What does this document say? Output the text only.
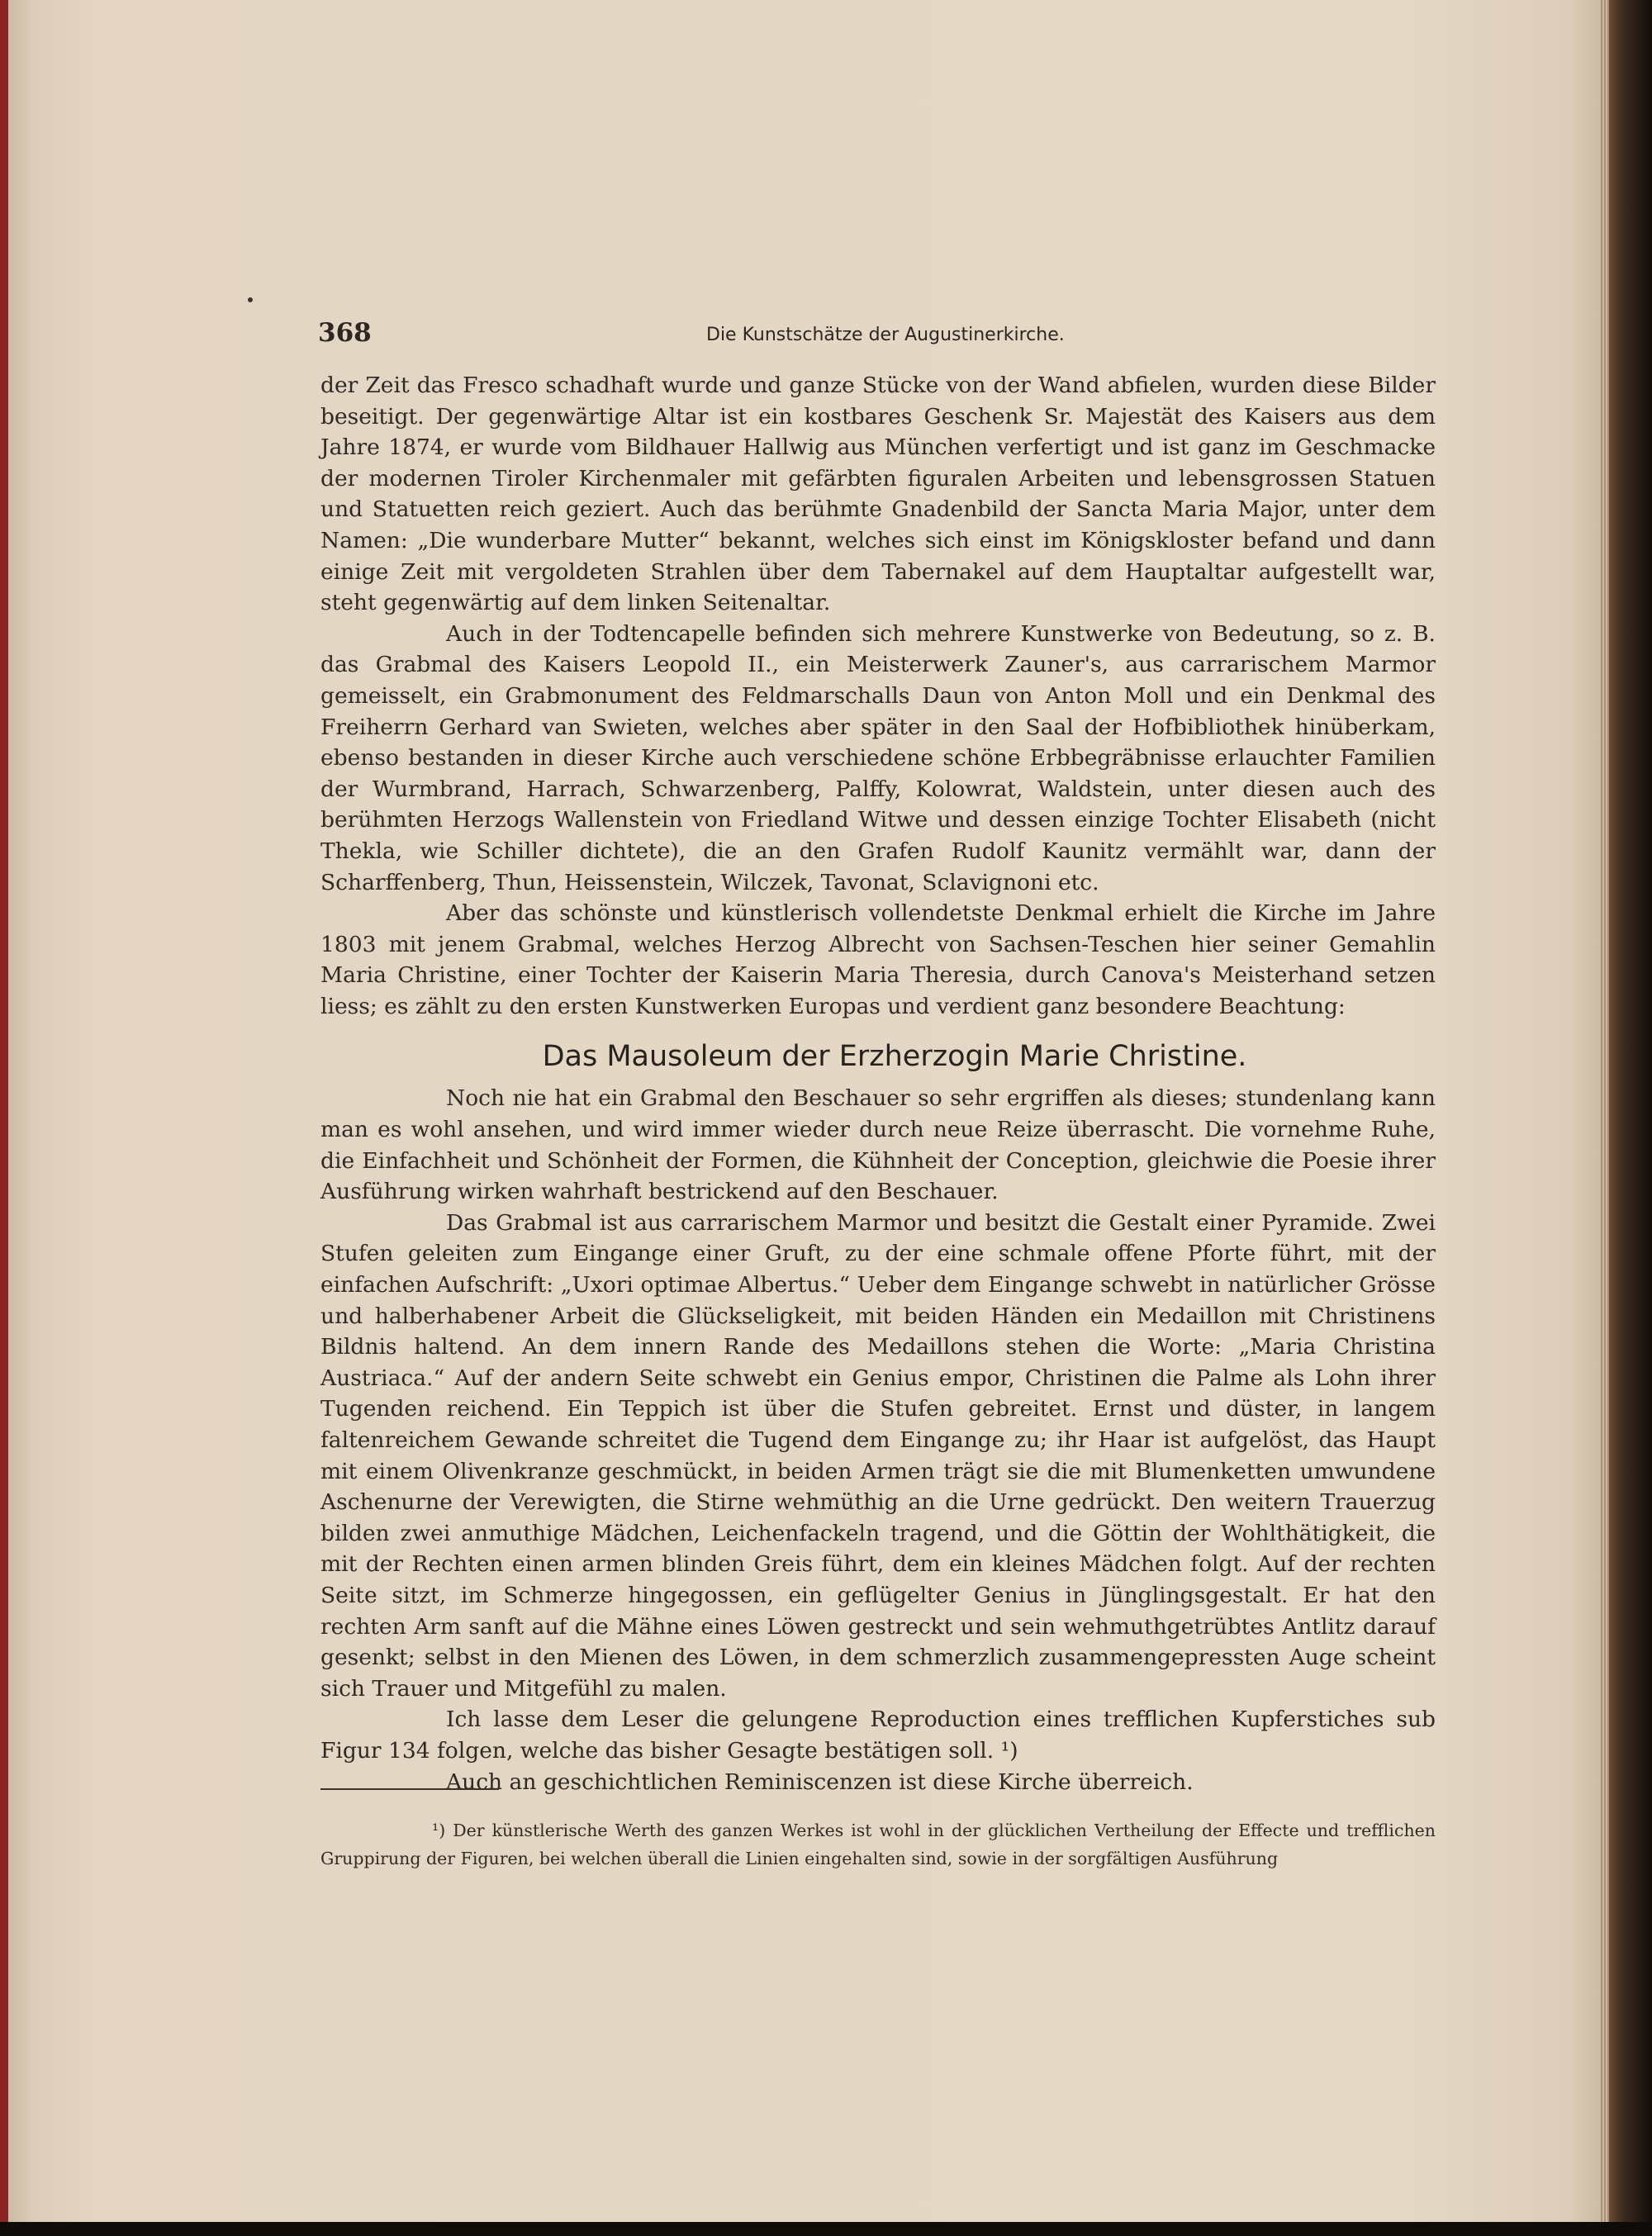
368	Die Kunstschätze der Augustinerkirche.

der Zeit das Fresco schadhaft wurde und ganze Stücke von der Wand abfielen, wurden diese Bilder beseitigt. Der gegenwärtige Altar ist ein kostbares Geschenk Sr. Majestät des Kaisers aus dem Jahre 1874, er wurde vom Bildhauer Hallwig aus München verfertigt und ist ganz im Geschmacke der modernen Tiroler Kirchenmaler mit gefärbten figuralen Arbeiten und lebensgrossen Statuen und Statuetten reich geziert. Auch das berühmte Gnadenbild der Sancta Maria Major, unter dem Namen: „Die wunderbare Mutter“ bekannt, welches sich einst im Königskloster befand und dann einige Zeit mit vergoldeten Strahlen über dem Tabernakel auf dem Hauptaltar aufgestellt war, steht gegenwärtig auf dem linken Seitenaltar.

Auch in der Todtencapelle befinden sich mehrere Kunstwerke von Bedeutung, so z. B. das Grabmal des Kaisers Leopold II., ein Meisterwerk Zauner's, aus carrarischem Marmor gemeisselt, ein Grabmonument des Feldmarschalls Daun von Anton Moll und ein Denkmal des Freiherrn Gerhard van Swieten, welches aber später in den Saal der Hofbibliothek hinüberkam, ebenso bestanden in dieser Kirche auch verschiedene schöne Erbbegräbnisse erlauchter Familien der Wurmbrand, Harrach, Schwarzenberg, Palffy, Kolowrat, Waldstein, unter diesen auch des berühmten Herzogs Wallenstein von Friedland Witwe und dessen einzige Tochter Elisabeth (nicht Thekla, wie Schiller dichtete), die an den Grafen Rudolf Kaunitz vermählt war, dann der Scharffenberg, Thun, Heissenstein, Wilczek, Tavonat, Sclavignoni etc.

Aber das schönste und künstlerisch vollendetste Denkmal erhielt die Kirche im Jahre 1803 mit jenem Grabmal, welches Herzog Albrecht von Sachsen-Teschen hier seiner Gemahlin Maria Christine, einer Tochter der Kaiserin Maria Theresia, durch Canova's Meisterhand setzen liess; es zählt zu den ersten Kunstwerken Europas und verdient ganz besondere Beachtung:

Das Mausoleum der Erzherzogin Marie Christine.

Noch nie hat ein Grabmal den Beschauer so sehr ergriffen als dieses; stundenlang kann man es wohl ansehen, und wird immer wieder durch neue Reize überrascht. Die vornehme Ruhe, die Einfachheit und Schönheit der Formen, die Kühnheit der Conception, gleichwie die Poesie ihrer Ausführung wirken wahrhaft bestrickend auf den Beschauer.

Das Grabmal ist aus carrarischem Marmor und besitzt die Gestalt einer Pyramide. Zwei Stufen geleiten zum Eingange einer Gruft, zu der eine schmale offene Pforte führt, mit der einfachen Aufschrift: „Uxori optimae Albertus.“ Ueber dem Eingange schwebt in natürlicher Grösse und halberhabener Arbeit die Glückseligkeit, mit beiden Händen ein Medaillon mit Christinens Bildnis haltend. An dem innern Rande des Medaillons stehen die Worte: „Maria Christina Austriaca.“ Auf der andern Seite schwebt ein Genius empor, Christinen die Palme als Lohn ihrer Tugenden reichend. Ein Teppich ist über die Stufen gebreitet. Ernst und düster, in langem faltenreichem Gewande schreitet die Tugend dem Eingange zu; ihr Haar ist aufgelöst, das Haupt mit einem Olivenkranze geschmückt, in beiden Armen trägt sie die mit Blumenketten umwundene Aschenurne der Verewigten, die Stirne wehmüthig an die Urne gedrückt. Den weitern Trauerzug bilden zwei anmuthige Mädchen, Leichenfackeln tragend, und die Göttin der Wohlthätigkeit, die mit der Rechten einen armen blinden Greis führt, dem ein kleines Mädchen folgt. Auf der rechten Seite sitzt, im Schmerze hingegossen, ein geflügelter Genius in Jünglingsgestalt. Er hat den rechten Arm sanft auf die Mähne eines Löwen gestreckt und sein wehmuthgetrübtes Antlitz darauf gesenkt; selbst in den Mienen des Löwen, in dem schmerzlich zusammengepressten Auge scheint sich Trauer und Mitgefühl zu malen.

Ich lasse dem Leser die gelungene Reproduction eines trefflichen Kupferstiches sub Figur 134 folgen, welche das bisher Gesagte bestätigen soll. ¹)

Auch an geschichtlichen Reminiscenzen ist diese Kirche überreich.

¹) Der künstlerische Werth des ganzen Werkes ist wohl in der glücklichen Vertheilung der Effecte und trefflichen Gruppirung der Figuren, bei welchen überall die Linien eingehalten sind, sowie in der sorgfältigen Ausführung
